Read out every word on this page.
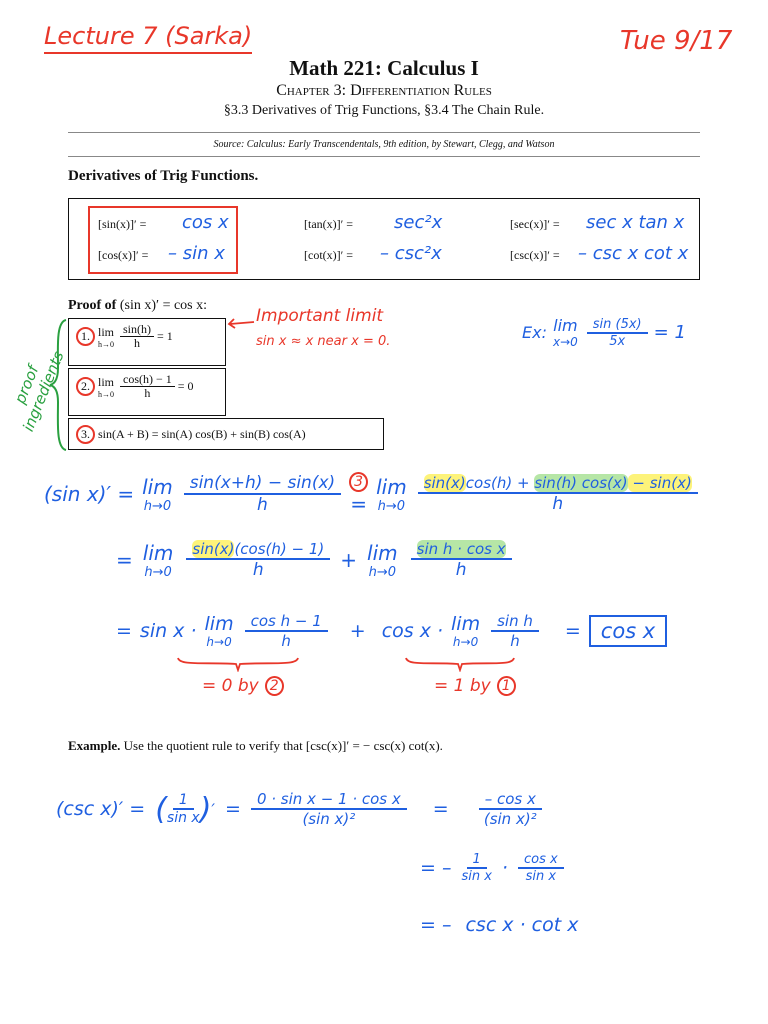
Lecture 7 (Sarka)	Tue 9/17
Math 221: Calculus I
Chapter 3: Differentiation Rules
§3.3 Derivatives of Trig Functions, §3.4 The Chain Rule.
Source: Calculus: Early Transcendentals, 9th edition, by Stewart, Clegg, and Watson
Derivatives of Trig Functions.
[sin(x)]′ = cos x	[tan(x)]′ = sec²x	[sec(x)]′ = sec x tan x
[cos(x)]′ = – sin x	[cot(x)]′ = – csc²x	[csc(x)]′ = – csc x cot x
Proof of (sin x)′ = cos x:
1. lim
$h\to 0 \frac{\sin(h)}{h} = 1$
2. lim
$h\to 0 \frac{\cos(h) - 1}{h} = 0$
3. sin(A + B) = sin(A) cos(B) + sin(B) cos(A)
proof ingredients
Important limit
sin x ≈ x near x = 0.	Ex: lim
$x\to 0 \frac{\sin (5x)}{5x} = 1$
(sin x)′ = lim
$h\to 0 \frac{\sin(x+h) - \sin(x)}{h} 3$
=
lim
h→0
sin(x)cos(h) + sin(h) cos(x) − sin(x)
h
= lim
h→0
sin(x)(cos(h) − 1)
h	+ lim
h→0
sin h · cos x
h
= sin x · lim
$h\to 0 \frac{\text{cos h − 1}}{h} + \cos x \cdot \lim$
$h\to 0 \frac{\text{sin h}}{h} = \cos x$
= 0 by 2	= 1 by 1
Example. Use the quotient rule to verify that [csc(x)]′ = − csc(x) cot(x).
(csc x)′ = ( $\frac{1}{\text{sin x}}$ ) ′ = $\frac{\text{0 · sin x − 1 · cos x}}{\text{(sin x)²}} = \frac{\text{– cos x}}{\text{(sin x)²}}$
= – $\frac{1}{\text{sin x}} \cdot \frac{\text{cos x}}{\text{sin x}}$
= – csc x · cot x
